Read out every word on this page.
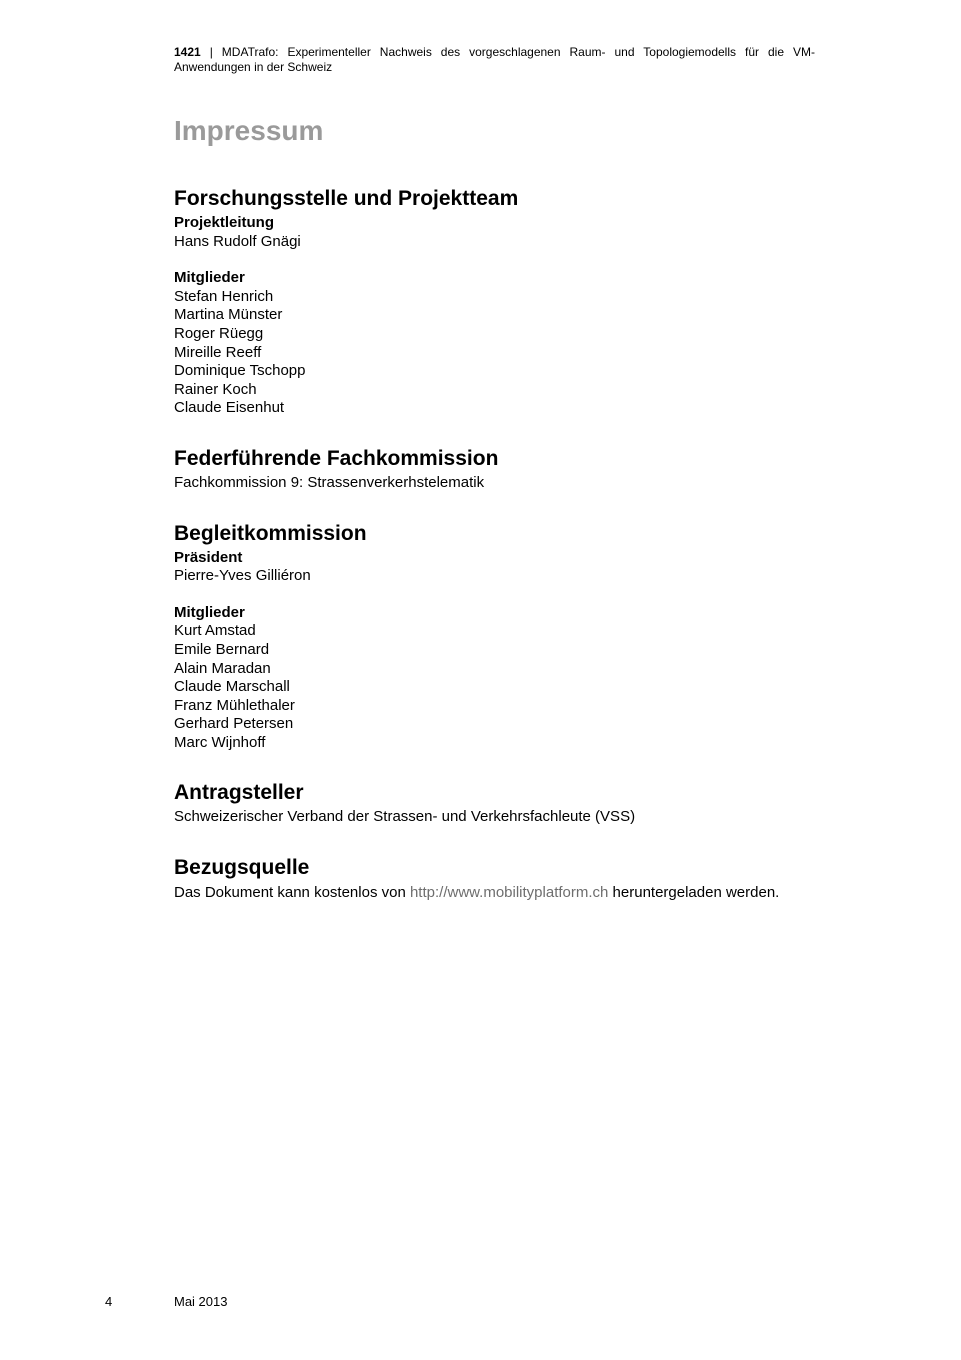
1421 | MDATrafo: Experimenteller Nachweis des vorgeschlagenen Raum- und Topologiemodells für die VM-Anwendungen in der Schweiz
Impressum
Forschungsstelle und Projektteam
Projektleitung
Hans Rudolf Gnägi
Mitglieder
Stefan Henrich
Martina Münster
Roger Rüegg
Mireille Reeff
Dominique Tschopp
Rainer Koch
Claude Eisenhut
Federführende Fachkommission
Fachkommission 9: Strassenverkerhstelematik
Begleitkommission
Präsident
Pierre-Yves Gilliéron
Mitglieder
Kurt Amstad
Emile Bernard
Alain Maradan
Claude Marschall
Franz Mühlethaler
Gerhard Petersen
Marc Wijnhoff
Antragsteller
Schweizerischer Verband der Strassen- und Verkehrsfachleute (VSS)
Bezugsquelle
Das Dokument kann kostenlos von http://www.mobilityplatform.ch heruntergeladen werden.
4	Mai 2013
